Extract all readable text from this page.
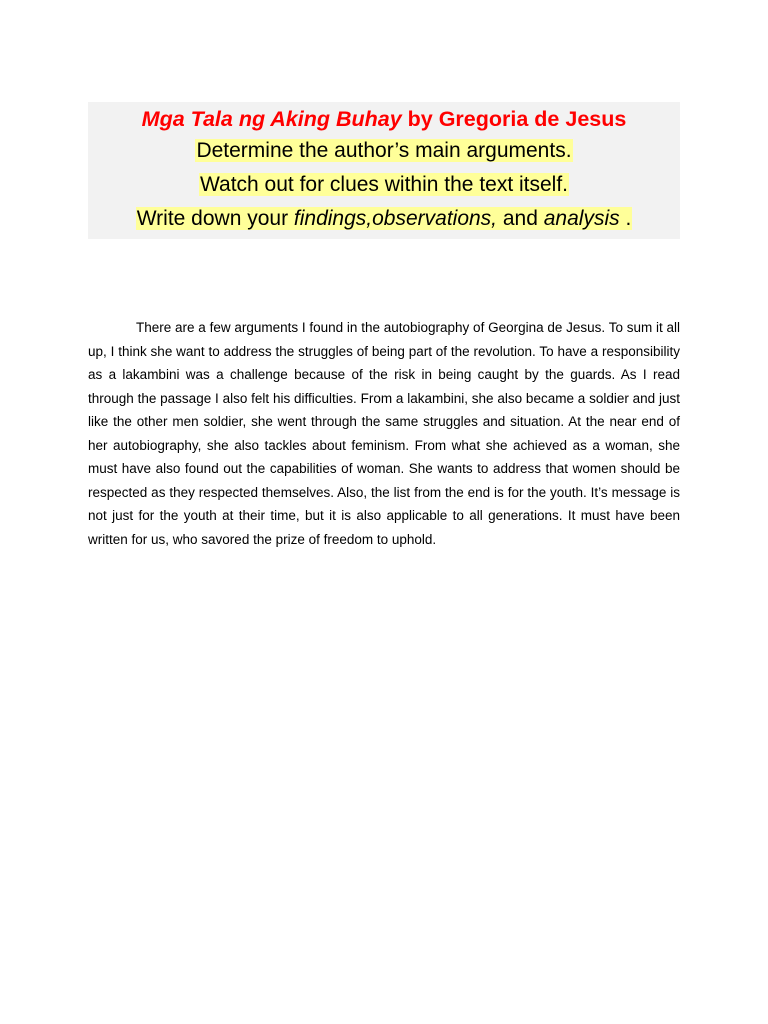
Mga Tala ng Aking Buhay by Gregoria de Jesus
Determine the author’s main arguments.
Watch out for clues within the text itself.
Write down your findings,observations, and analysis .

There are a few arguments I found in the autobiography of Georgina de Jesus. To sum it all up, I think she want to address the struggles of being part of the revolution. To have a responsibility as a lakambini was a challenge because of the risk in being caught by the guards. As I read through the passage I also felt his difficulties. From a lakambini, she also became a soldier and just like the other men soldier, she went through the same struggles and situation. At the near end of her autobiography, she also tackles about feminism. From what she achieved as a woman, she must have also found out the capabilities of woman. She wants to address that women should be respected as they respected themselves. Also, the list from the end is for the youth. It’s message is not just for the youth at their time, but it is also applicable to all generations. It must have been written for us, who savored the prize of freedom to uphold.
